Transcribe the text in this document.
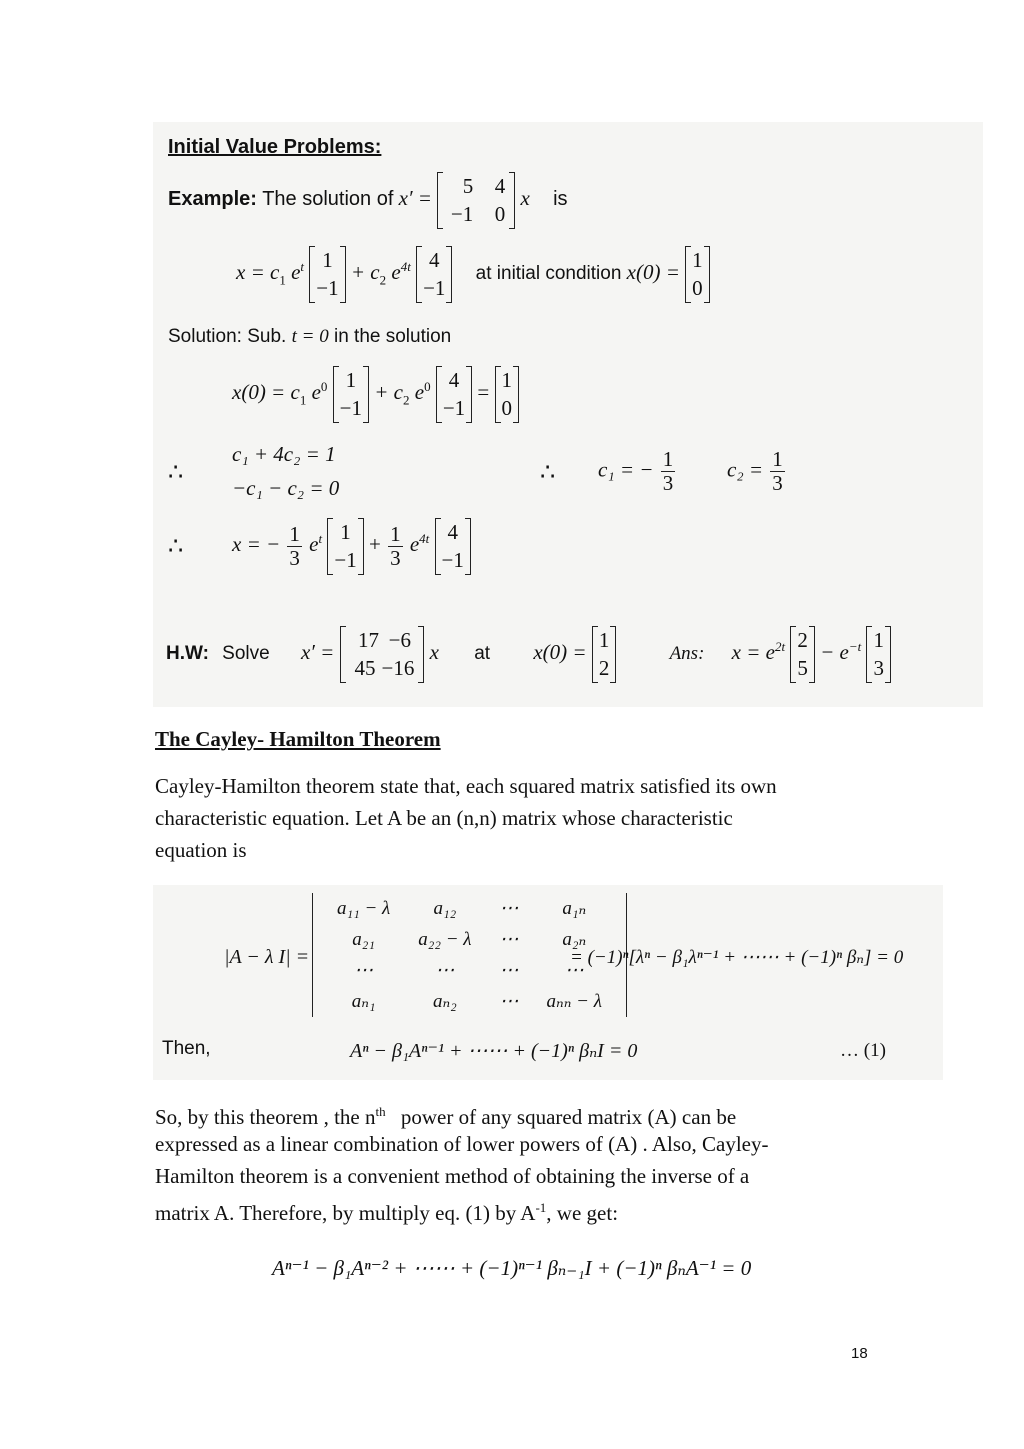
Initial Value Problems:
Example: The solution of x′ =
5 4
−1 0
x is
$x = c_1$ $e^t$ 1
−1
+ $c_2$ $e^{4t}$ 4
−1
at initial condition x(0) =
1
0
Solution: Sub. t = 0 in the solution
$x(0) = c_1$ $e^0$ 1
−1
+ $c_2$ $e^0$ 4
−1
=
1
0
c₁ + 4c₂ = 1
∴
−c₁ − c₂ = 0
∴ c₁ = − $\frac{1}{3} c_2 = \frac{1}{3}$
∴ x = − $\frac{1}{3} e^t$ 1
−1
+ $\frac{1}{3} e^{4t}$ 4
−1
H.W: Solve x′ =
17 −6
45 −16
x at x(0) =
1
2
Ans: $x = e^{2t}$ 2
5
− $e^{-t}$ 1
3
The Cayley- Hamilton Theorem
Cayley-Hamilton theorem state that, each squared matrix satisfied its own
characteristic equation. Let A be an (n,n) matrix whose characteristic
equation is
|A − λ I| =
a₁₁ − λ	a₁₂	⋯	a₁ₙ
a₂₁	a₂₂ − λ	⋯	a₂ₙ
⋯	⋯	⋯	⋯
aₙ₁	aₙ₂	⋯	aₙₙ − λ
= (−1)ⁿ[λⁿ − β₁λⁿ⁻¹ + ⋯⋯ + (−1)ⁿ βₙ] = 0
Then,	Aⁿ − β₁Aⁿ⁻¹ + ⋯⋯ + (−1)ⁿ βₙI = 0	… (1)
So, by this theorem , the $n^{th}$ power of any squared matrix (A) can be
expressed as a linear combination of lower powers of (A) . Also, Cayley-
Hamilton theorem is a convenient method of obtaining the inverse of a
matrix A. Therefore, by multiply eq. (1) by $A^{-1}$, we get:
Aⁿ⁻¹ − β₁Aⁿ⁻² + ⋯⋯ + (−1)ⁿ⁻¹ βₙ₋₁I + (−1)ⁿ βₙA⁻¹ = 0
18
